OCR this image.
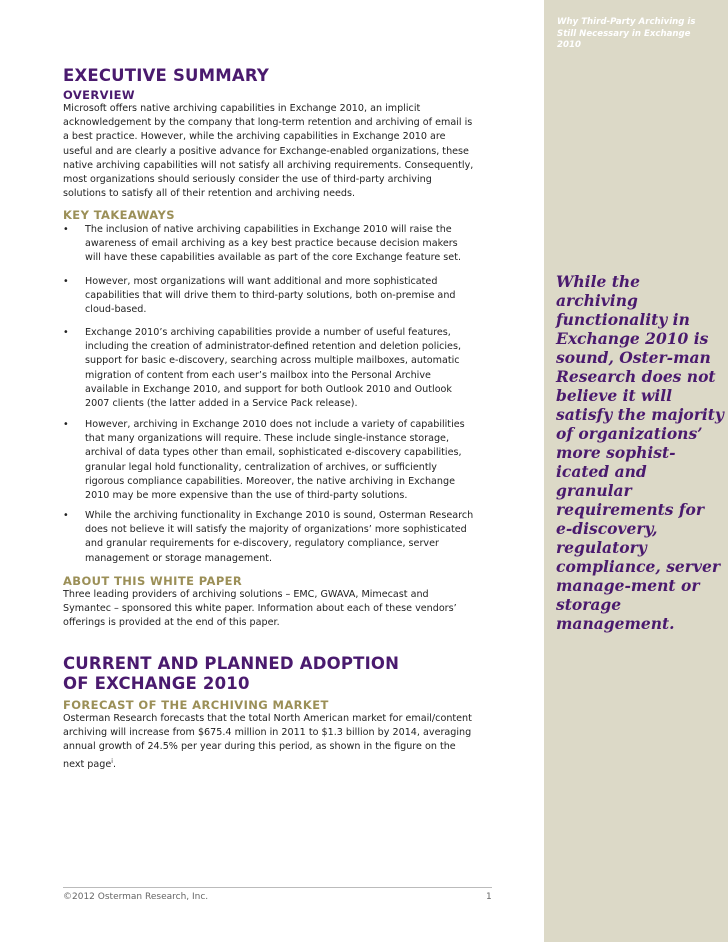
Why Third-Party Archiving is Still Necessary in Exchange 2010
While the archiving functionality in Exchange 2010 is sound, Oster-man Research does not believe it will satisfy the majority of organizations’ more sophist-icated and granular requirements for e-discovery, regulatory compliance, server manage-ment or storage management.
EXECUTIVE SUMMARY
OVERVIEW
Microsoft offers native archiving capabilities in Exchange 2010, an implicit acknowledgement by the company that long-term retention and archiving of email is a best practice. However, while the archiving capabilities in Exchange 2010 are useful and are clearly a positive advance for Exchange-enabled organizations, these native archiving capabilities will not satisfy all archiving requirements. Consequently, most organizations should seriously consider the use of third-party archiving solutions to satisfy all of their retention and archiving needs.
KEY TAKEAWAYS
•	The inclusion of native archiving capabilities in Exchange 2010 will raise the awareness of email archiving as a key best practice because decision makers will have these capabilities available as part of the core Exchange feature set.
•	However, most organizations will want additional and more sophisticated capabilities that will drive them to third-party solutions, both on-premise and cloud-based.
•	Exchange 2010’s archiving capabilities provide a number of useful features, including the creation of administrator-defined retention and deletion policies, support for basic e-discovery, searching across multiple mailboxes, automatic migration of content from each user’s mailbox into the Personal Archive available in Exchange 2010, and support for both Outlook 2010 and Outlook 2007 clients (the latter added in a Service Pack release).
•	However, archiving in Exchange 2010 does not include a variety of capabilities that many organizations will require. These include single-instance storage, archival of data types other than email, sophisticated e-discovery capabilities, granular legal hold functionality, centralization of archives, or sufficiently rigorous compliance capabilities. Moreover, the native archiving in Exchange 2010 may be more expensive than the use of third-party solutions.
•	While the archiving functionality in Exchange 2010 is sound, Osterman Research does not believe it will satisfy the majority of organizations’ more sophisticated and granular requirements for e-discovery, regulatory compliance, server management or storage management.
ABOUT THIS WHITE PAPER
Three leading providers of archiving solutions – EMC, GWAVA, Mimecast and Symantec – sponsored this white paper. Information about each of these vendors’ offerings is provided at the end of this paper.
CURRENT AND PLANNED ADOPTION
OF EXCHANGE 2010
FORECAST OF THE ARCHIVING MARKET
Osterman Research forecasts that the total North American market for email/content archiving will increase from $675.4 million in 2011 to $1.3 billion by 2014, averaging annual growth of 24.5% per year during this period, as shown in the figure on the next page$^i$.
©2012 Osterman Research, Inc.	1
